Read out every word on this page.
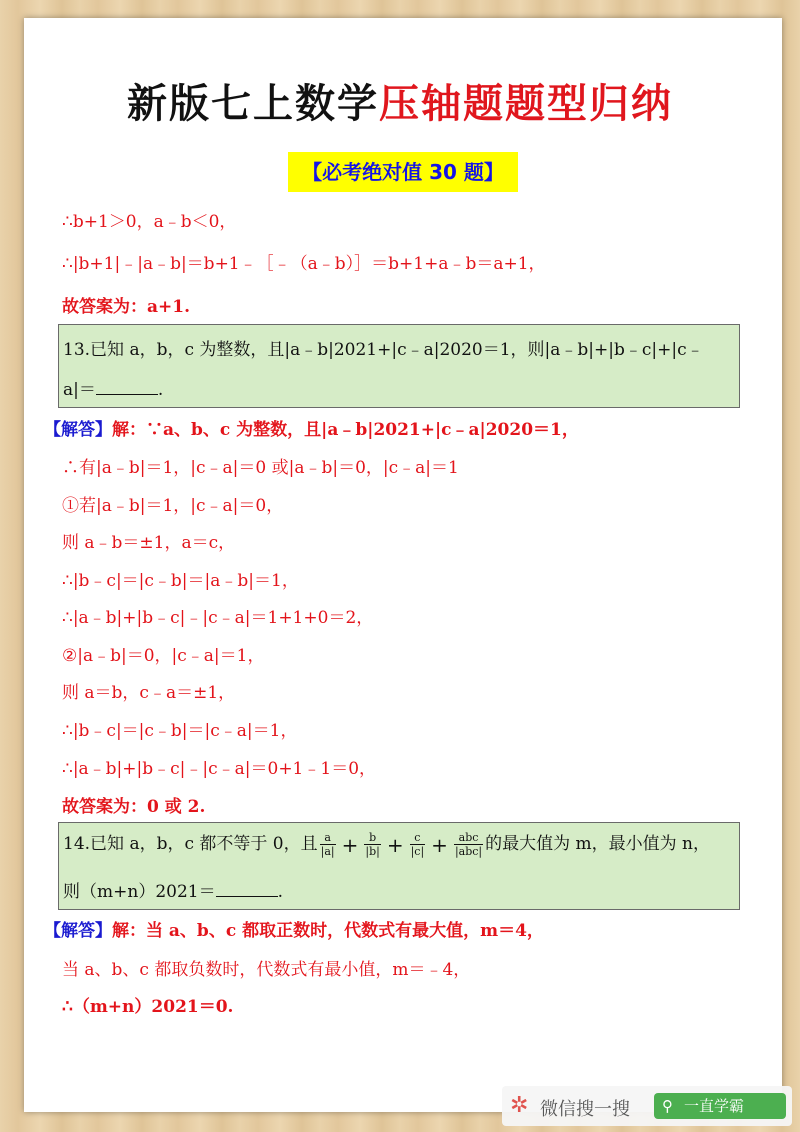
新版七上数学压轴题题型归纳
【必考绝对值 30 题】
∴b+1＞0，a﹣b＜0，
∴|b+1|﹣|a﹣b|＝b+1﹣［﹣（a﹣b）］＝b+1+a﹣b＝a+1，
故答案为：a+1.
13.已知 a，b，c 为整数，且|a﹣b|2021+|c﹣a|2020＝1，则|a﹣b|+|b﹣c|+|c﹣
a|＝	.
【解答】解：∵a、b、c 为整数，且|a﹣b|2021+|c﹣a|2020＝1，
∴有|a﹣b|＝1，|c﹣a|＝0 或|a﹣b|＝0，|c﹣a|＝1
①若|a﹣b|＝1，|c﹣a|＝0，
则 a﹣b＝±1，a＝c，
∴|b﹣c|＝|c﹣b|＝|a﹣b|＝1，
∴|a﹣b|+|b﹣c|﹣|c﹣a|＝1+1+0＝2，
②|a﹣b|＝0，|c﹣a|＝1，
则 a＝b，c﹣a＝±1，
∴|b﹣c|＝|c﹣b|＝|c﹣a|＝1，
∴|a﹣b|+|b﹣c|﹣|c﹣a|＝0+1﹣1＝0，
故答案为：0 或 2.
14.已知 a，b，c 都不等于 0，且 $\frac{a}{|a|} + \frac{b}{|b|} + \frac{c}{|c|} + \frac{\text{abc}}{\text{|abc|}}$ 的最大值为 m，最小值为 n，
则（m+n）2021＝	.
【解答】解：当 a、b、c 都取正数时，代数式有最大值，m＝4，
当 a、b、c 都取负数时，代数式有最小值，m＝﹣4，
∴（m+n）2021＝0.
✲ 微信搜一搜 ⚲ 一直学霸
